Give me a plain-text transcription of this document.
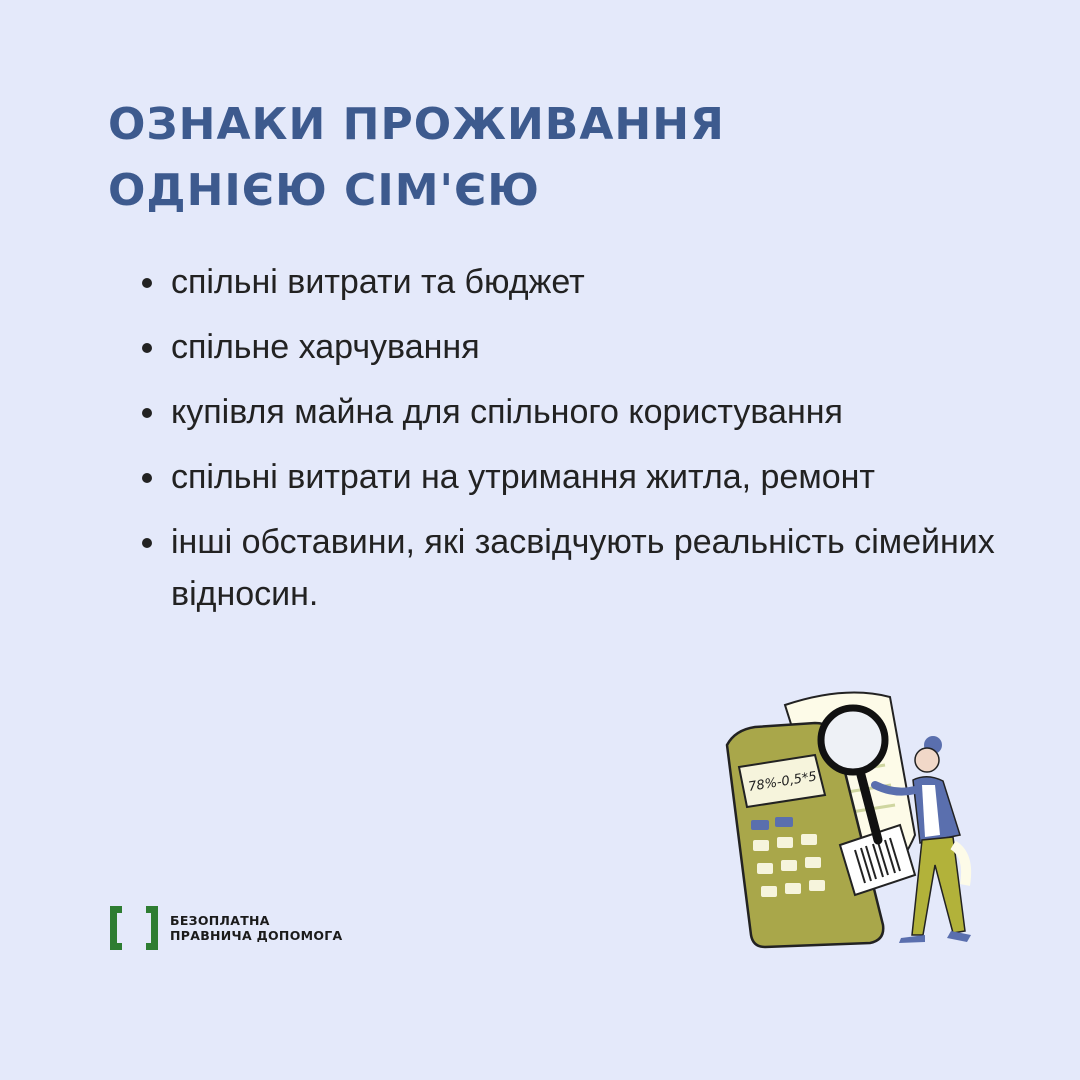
ОЗНАКИ ПРОЖИВАННЯ
ОДНІЄЮ СІМ'ЄЮ
спільні витрати та бюджет
спільне харчування
купівля майна для спільного користування
спільні витрати на утримання житла, ремонт
інші обставини, які засвідчують реальність сімейних відносин.
БЕЗОПЛАТНА
ПРАВНИЧА ДОПОМОГА
78%-0,5*5
